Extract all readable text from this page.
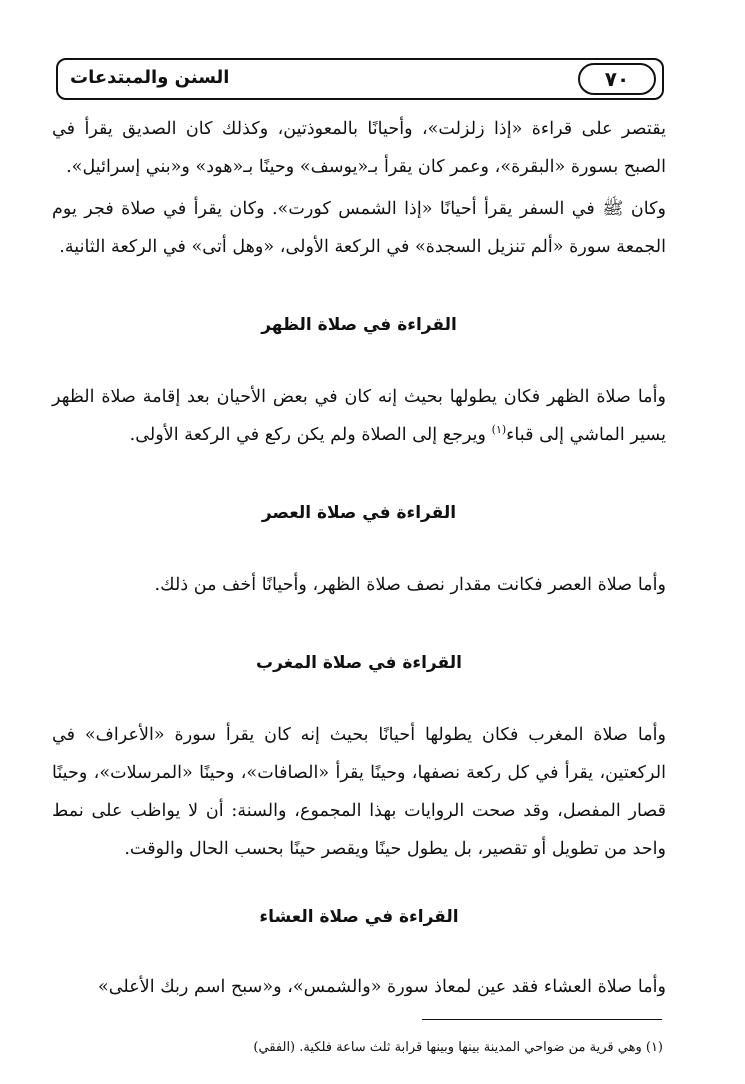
السنن والمبتدعات	٧٠

يقتصر على قراءة «إذا زلزلت»، وأحيانًا بالمعوذتين، وكذلك كان الصديق يقرأ في الصبح بسورة «البقرة»، وعمر كان يقرأ بـ«يوسف» وحينًا بـ«هود» و«بني إسرائيل».

وكان ﷺ في السفر يقرأ أحيانًا «إذا الشمس كورت». وكان يقرأ في صلاة فجر يوم الجمعة سورة «ألم تنزيل السجدة» في الركعة الأولى، «وهل أتى» في الركعة الثانية.

القراءة في صلاة الظهر

وأما صلاة الظهر فكان يطولها بحيث إنه كان في بعض الأحيان بعد إقامة صلاة الظهر يسير الماشي إلى قباء$^{(١)}$ ويرجع إلى الصلاة ولم يكن ركع في الركعة الأولى.

القراءة في صلاة العصر

وأما صلاة العصر فكانت مقدار نصف صلاة الظهر، وأحيانًا أخف من ذلك.

القراءة في صلاة المغرب

وأما صلاة المغرب فكان يطولها أحيانًا بحيث إنه كان يقرأ سورة «الأعراف» في الركعتين، يقرأ في كل ركعة نصفها، وحينًا يقرأ «الصافات»، وحينًا «المرسلات»، وحينًا قصار المفصل، وقد صحت الروايات بهذا المجموع، والسنة: أن لا يواظب على نمط واحد من تطويل أو تقصير، بل يطول حينًا ويقصر حينًا بحسب الحال والوقت.

القراءة في صلاة العشاء

وأما صلاة العشاء فقد عين لمعاذ سورة «والشمس»، و«سبح اسم ربك الأعلى»

(١) وهي قرية من ضواحي المدينة بينها وبينها قرابة ثلث ساعة فلكية. (الفقي)
